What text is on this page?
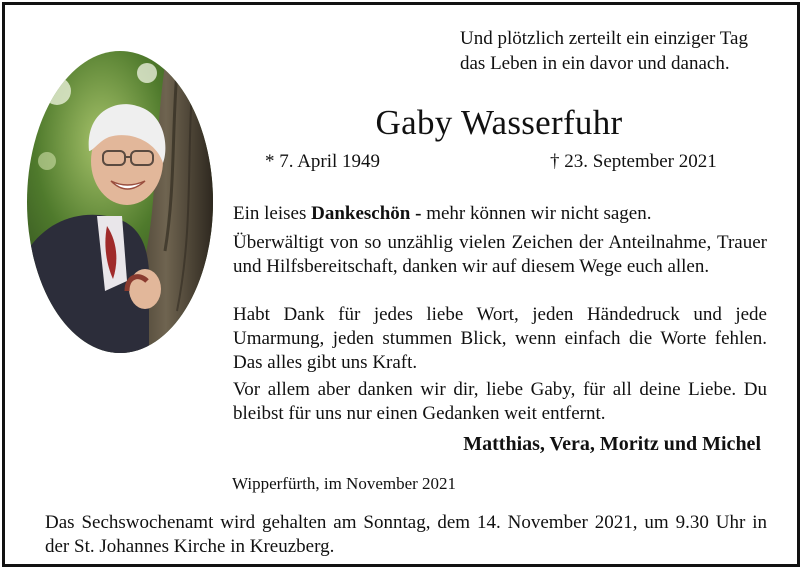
Und plötzlich zerteilt ein einziger Tag

das Leben in ein davor und danach.

Gaby Wasserfuhr

* 7. April 1949	† 23. September 2021

Ein leises Dankeschön - mehr können wir nicht sagen.

Überwältigt von so unzählig vielen Zeichen der Anteilnahme, Trauer und Hilfsbereitschaft, danken wir auf diesem Wege euch allen.

Habt Dank für jedes liebe Wort, jeden Händedruck und jede Umarmung, jeden stummen Blick, wenn einfach die Worte fehlen. Das alles gibt uns Kraft.

Vor allem aber danken wir dir, liebe Gaby, für all deine Liebe. Du bleibst für uns nur einen Gedanken weit entfernt.

Matthias, Vera, Moritz und Michel

Wipperfürth, im November 2021

Das Sechswochenamt wird gehalten am Sonntag, dem 14. November 2021, um 9.30 Uhr in der St. Johannes Kirche in Kreuzberg.
